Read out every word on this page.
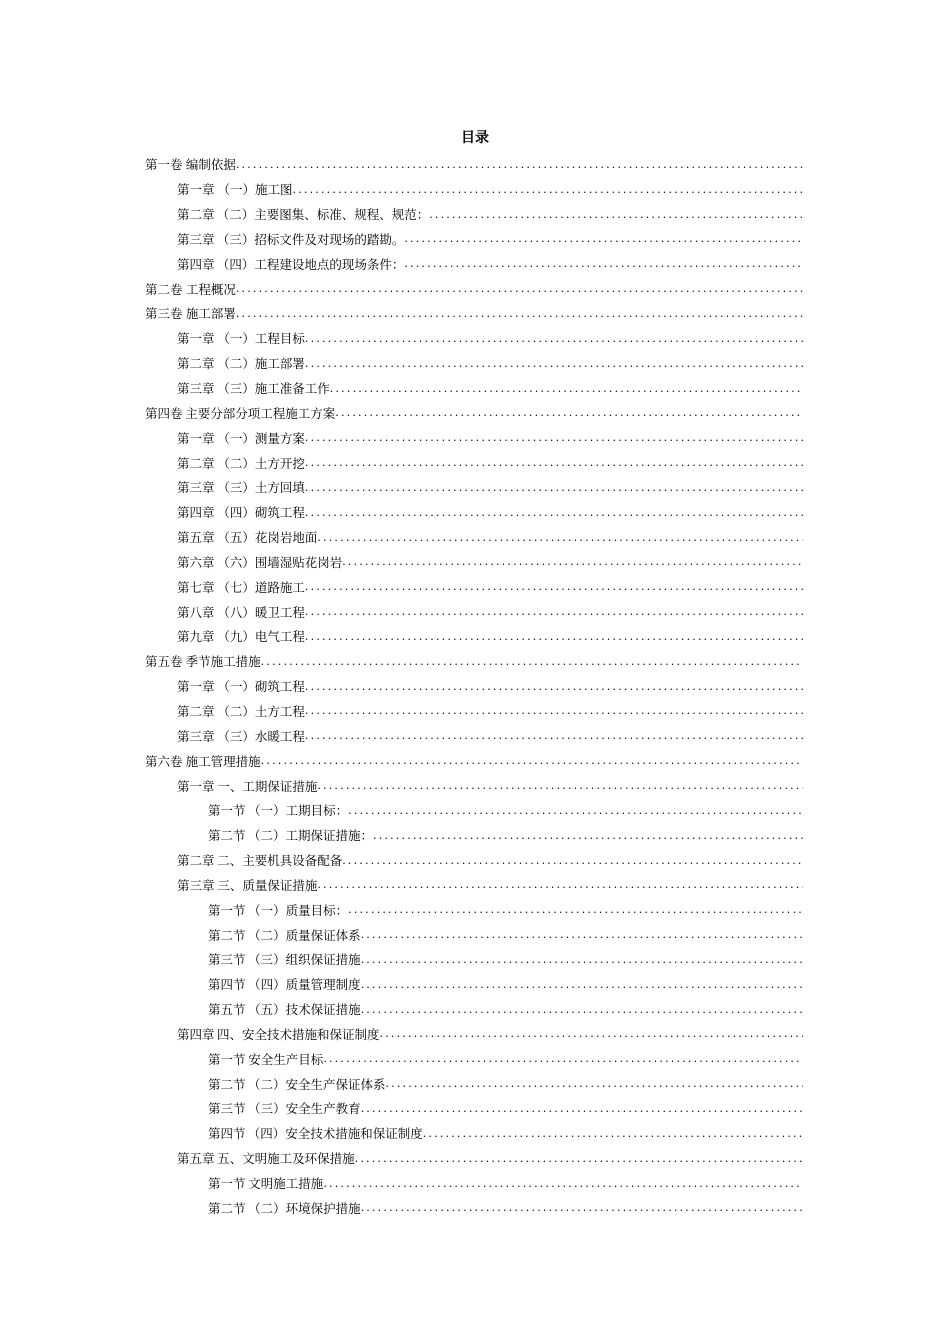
目录
第一卷 编制依据
.....
第一章 （一）施工图
.....
第二章 （二）主要图集、标准、规程、规范：
.....
第三章 （三）招标文件及对现场的踏勘。
.....
第四章 （四）工程建设地点的现场条件：
.....
第二卷 工程概况
.....
第三卷 施工部署
.....
第一章 （一）工程目标
.....
第二章 （二）施工部署
.....
第三章 （三）施工准备工作
.....
第四卷 主要分部分项工程施工方案
.....
第一章 （一）测量方案
.....
第二章 （二）土方开挖
.....
第三章 （三）土方回填
.....
第四章 （四）砌筑工程
.....
第五章 （五）花岗岩地面
.....
第六章 （六）围墙湿贴花岗岩
.....
第七章 （七）道路施工
.....
第八章 （八）暖卫工程
.....
第九章 （九）电气工程
.....
第五卷 季节施工措施
.....
第一章 （一）砌筑工程
.....
第二章 （二）土方工程
.....
第三章 （三）水暖工程
.....
第六卷 施工管理措施
.....
第一章 一、工期保证措施
.....
第一节 （一）工期目标：
.....
第二节 （二）工期保证措施：
.....
第二章 二、主要机具设备配备
.....
第三章 三、质量保证措施
.....
第一节 （一）质量目标：
.....
第二节 （二）质量保证体系
.....
第三节 （三）组织保证措施
.....
第四节 （四）质量管理制度
.....
第五节 （五）技术保证措施
.....
第四章 四、安全技术措施和保证制度
.....
第一节 安全生产目标
.....
第二节 （二）安全生产保证体系
.....
第三节 （三）安全生产教育
.....
第四节 （四）安全技术措施和保证制度
.....
第五章 五、文明施工及环保措施
.....
第一节 文明施工措施
.....
第二节 （二）环境保护措施
.....
